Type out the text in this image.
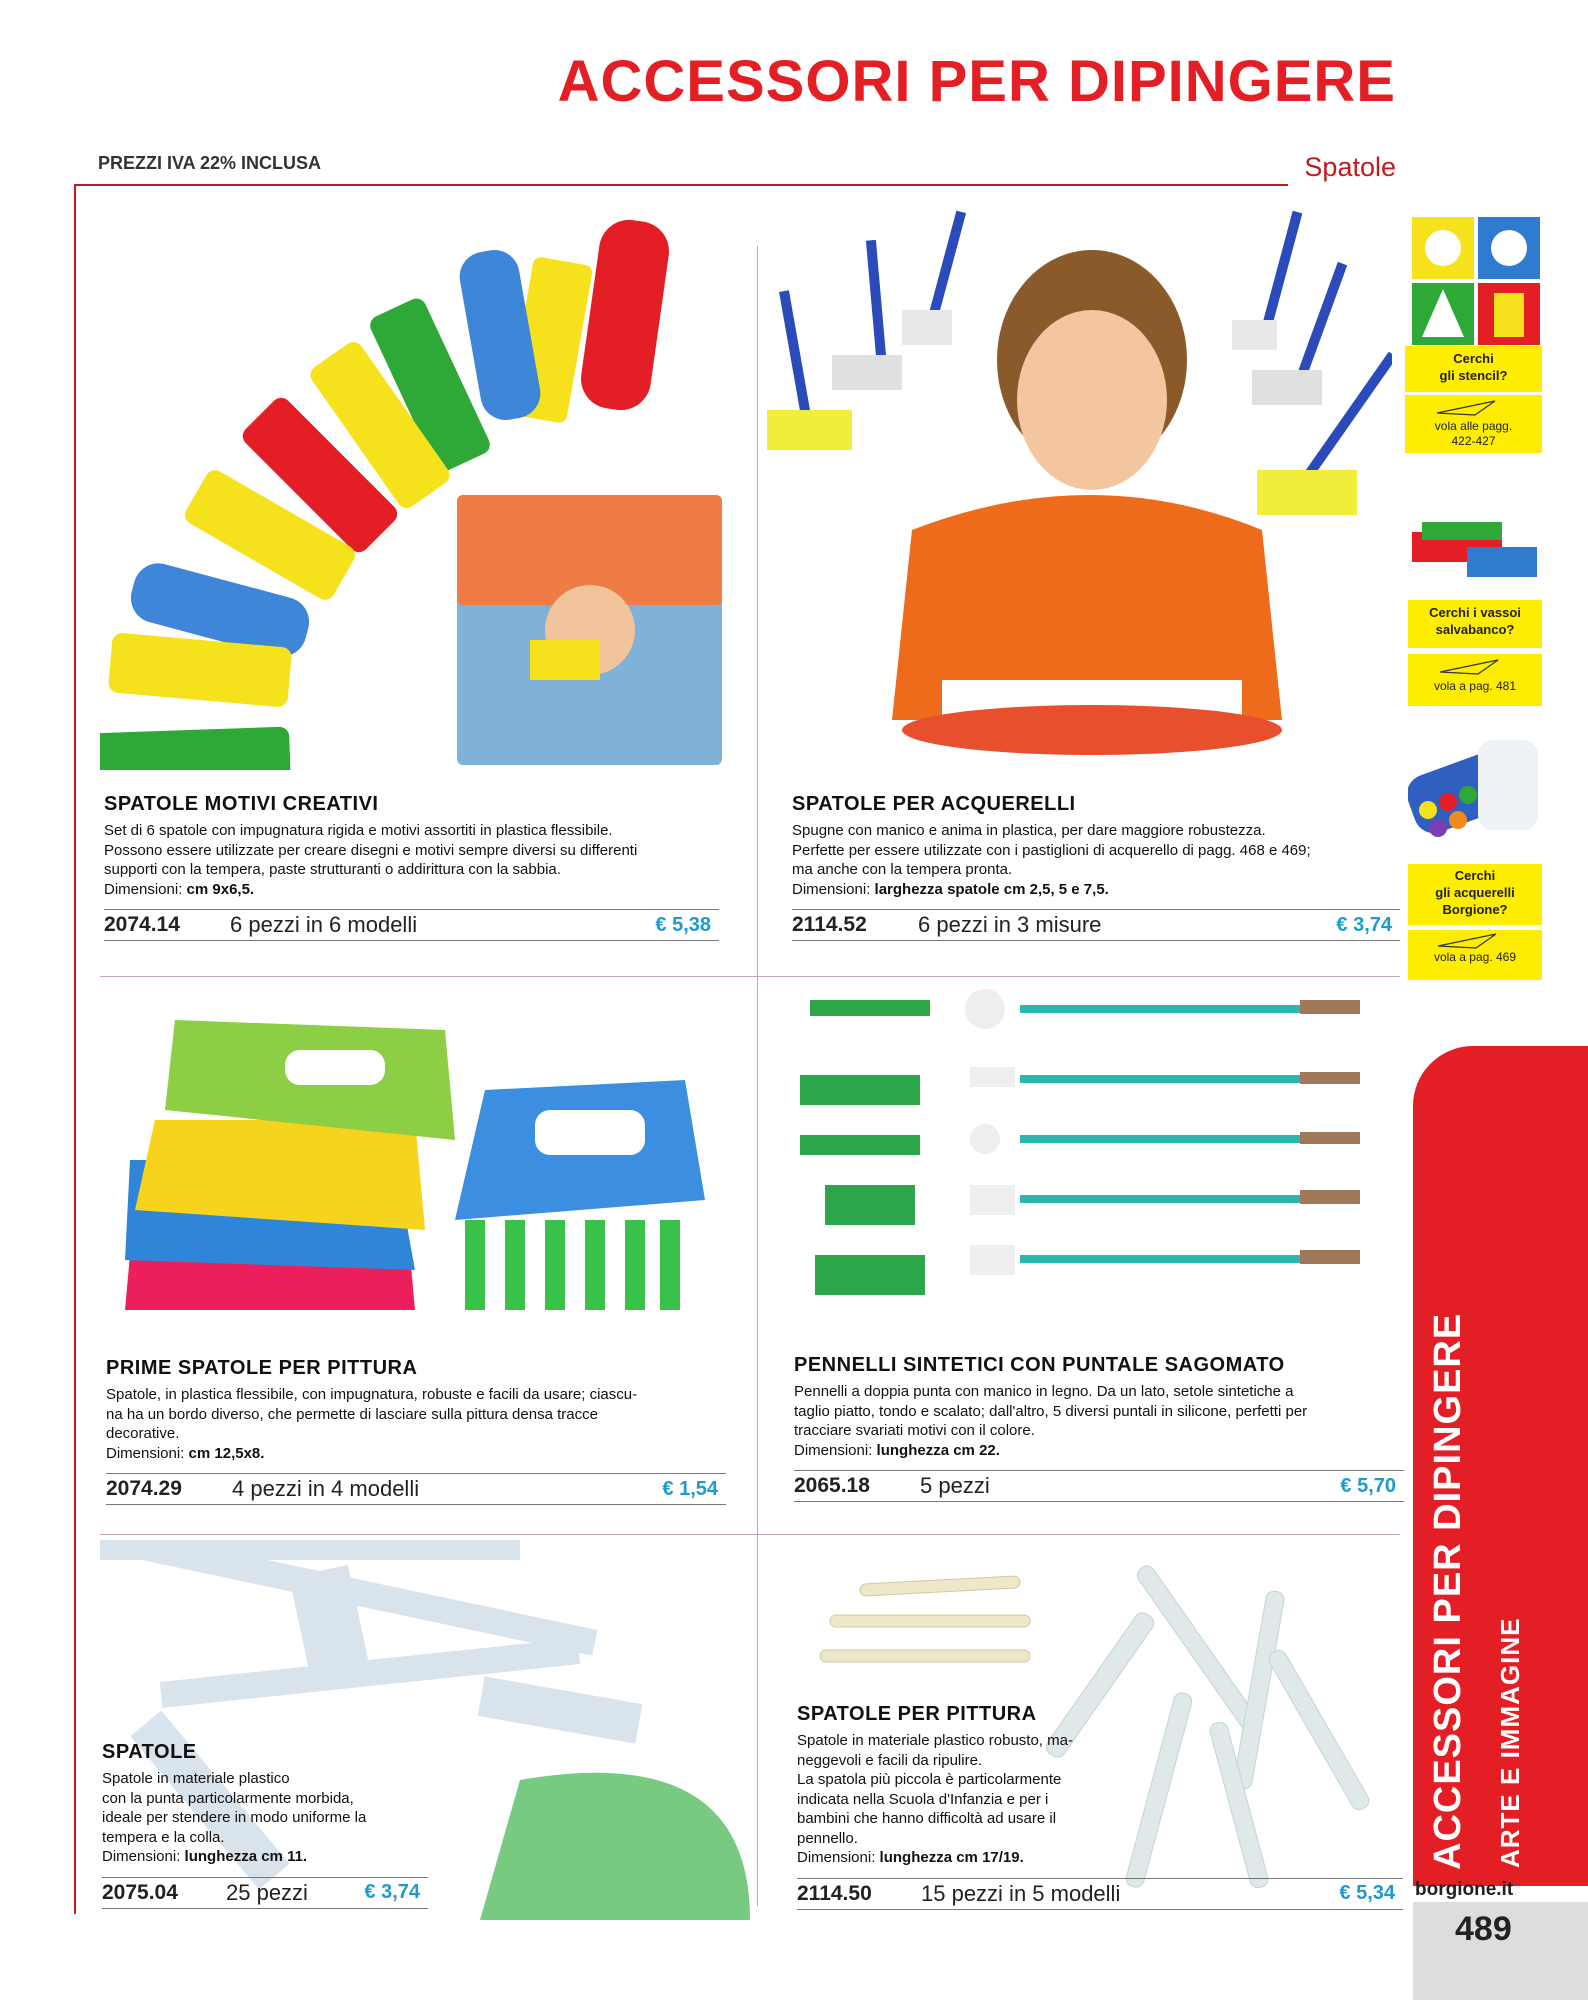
ACCESSORI PER DIPINGERE
PREZZI IVA 22% INCLUSA	Spatole
SPATOLE MOTIVI CREATIVI
Set di 6 spatole con impugnatura rigida e motivi assortiti in plastica flessibile.
Possono essere utilizzate per creare disegni e motivi sempre diversi su differenti
supporti con la tempera, paste strutturanti o addirittura con la sabbia.
Dimensioni: cm 9x6,5.
2074.14	6 pezzi in 6 modelli	€ 5,38
SPATOLE PER ACQUERELLI
Spugne con manico e anima in plastica, per dare maggiore robustezza.
Perfette per essere utilizzate con i pastiglioni di acquerello di pagg. 468 e 469;
ma anche con la tempera pronta.
Dimensioni: larghezza spatole cm 2,5, 5 e 7,5.
2114.52	6 pezzi in 3 misure	€ 3,74
PRIME SPATOLE PER PITTURA
Spatole, in plastica flessibile, con impugnatura, robuste e facili da usare; ciascu-
na ha un bordo diverso, che permette di lasciare sulla pittura densa tracce
decorative.
Dimensioni: cm 12,5x8.
2074.29	4 pezzi in 4 modelli	€ 1,54
PENNELLI SINTETICI CON PUNTALE SAGOMATO
Pennelli a doppia punta con manico in legno. Da un lato, setole sintetiche a
taglio piatto, tondo e scalato; dall'altro, 5 diversi puntali in silicone, perfetti per
tracciare svariati motivi con il colore.
Dimensioni: lunghezza cm 22.
2065.18	5 pezzi	€ 5,70
SPATOLE
Spatole in materiale plastico
con la punta particolarmente morbida,
ideale per stendere in modo uniforme la
tempera e la colla.
Dimensioni: lunghezza cm 11.
2075.04	25 pezzi	€ 3,74
SPATOLE PER PITTURA
Spatole in materiale plastico robusto, ma-
neggevoli e facili da ripulire.
La spatola più piccola è particolarmente
indicata nella Scuola d'Infanzia e per i
bambini che hanno difficoltà ad usare il
pennello.
Dimensioni: lunghezza cm 17/19.
2114.50	15 pezzi in 5 modelli	€ 5,34
Cerchi
gli stencil?
vola alle pagg.
422-427
Cerchi i vassoi
salvabanco?
vola a pag. 481
Cerchi
gli acquerelli
Borgione?
vola a pag. 469
ACCESSORI PER DIPINGERE ARTE E IMMAGINE
borgione.it
489
